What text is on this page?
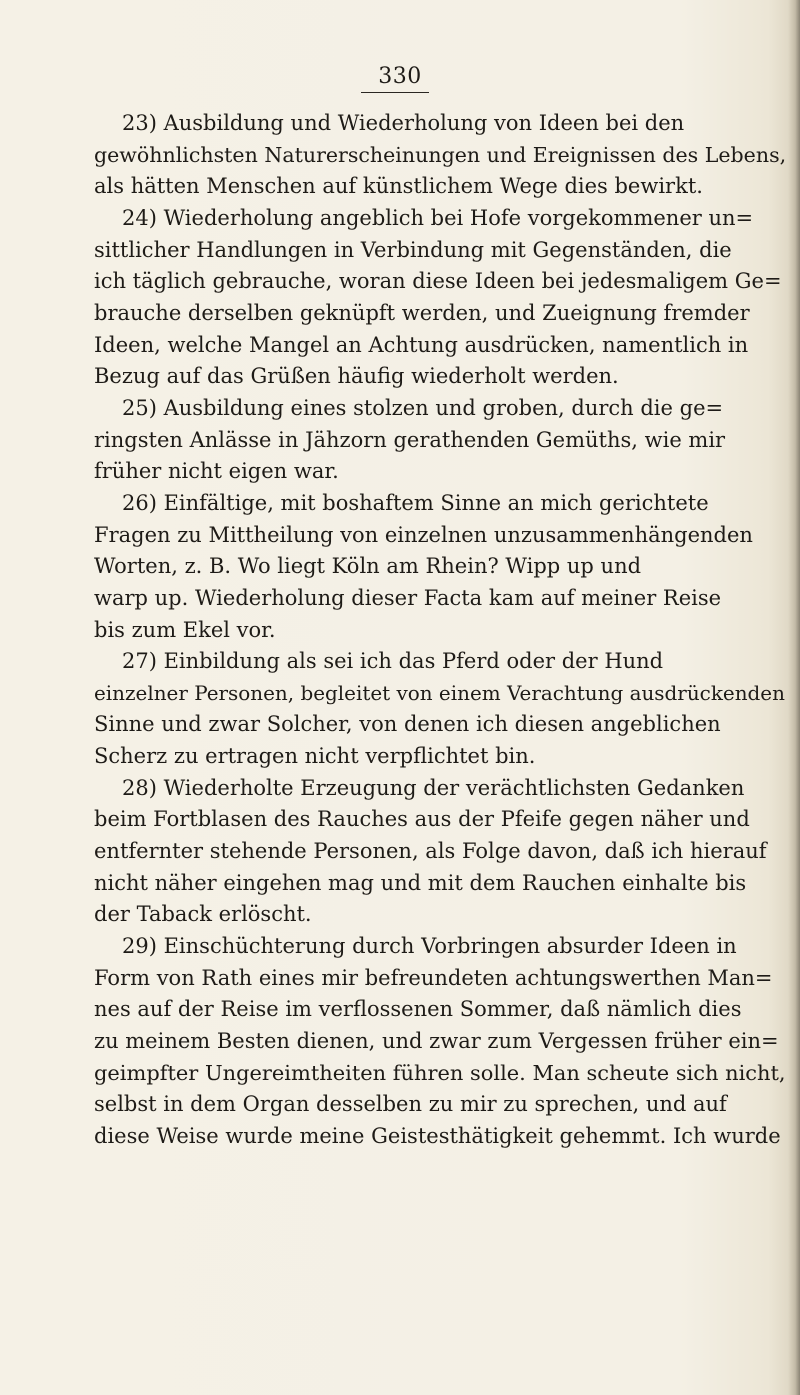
330
23) Ausbildung und Wiederholung von Ideen bei den
gewöhnlichsten Naturerscheinungen und Ereignissen des Lebens,
als hätten Menschen auf künstlichem Wege dies bewirkt.
24) Wiederholung angeblich bei Hofe vorgekommener un=
sittlicher Handlungen in Verbindung mit Gegenständen, die
ich täglich gebrauche, woran diese Ideen bei jedesmaligem Ge=
brauche derselben geknüpft werden, und Zueignung fremder
Ideen, welche Mangel an Achtung ausdrücken, namentlich in
Bezug auf das Grüßen häufig wiederholt werden.
25) Ausbildung eines stolzen und groben, durch die ge=
ringsten Anlässe in Jähzorn gerathenden Gemüths, wie mir
früher nicht eigen war.
26) Einfältige, mit boshaftem Sinne an mich gerichtete
Fragen zu Mittheilung von einzelnen unzusammenhängenden
Worten, z. B. Wo liegt Köln am Rhein? Wipp up und
warp up. Wiederholung dieser Facta kam auf meiner Reise
bis zum Ekel vor.
27) Einbildung als sei ich das Pferd oder der Hund
einzelner Personen, begleitet von einem Verachtung ausdrückenden
Sinne und zwar Solcher, von denen ich diesen angeblichen
Scherz zu ertragen nicht verpflichtet bin.
28) Wiederholte Erzeugung der verächtlichsten Gedanken
beim Fortblasen des Rauches aus der Pfeife gegen näher und
entfernter stehende Personen, als Folge davon, daß ich hierauf
nicht näher eingehen mag und mit dem Rauchen einhalte bis
der Taback erlöscht.
29) Einschüchterung durch Vorbringen absurder Ideen in
Form von Rath eines mir befreundeten achtungswerthen Man=
nes auf der Reise im verflossenen Sommer, daß nämlich dies
zu meinem Besten dienen, und zwar zum Vergessen früher ein=
geimpfter Ungereimtheiten führen solle. Man scheute sich nicht,
selbst in dem Organ desselben zu mir zu sprechen, und auf
diese Weise wurde meine Geistesthätigkeit gehemmt. Ich wurde
